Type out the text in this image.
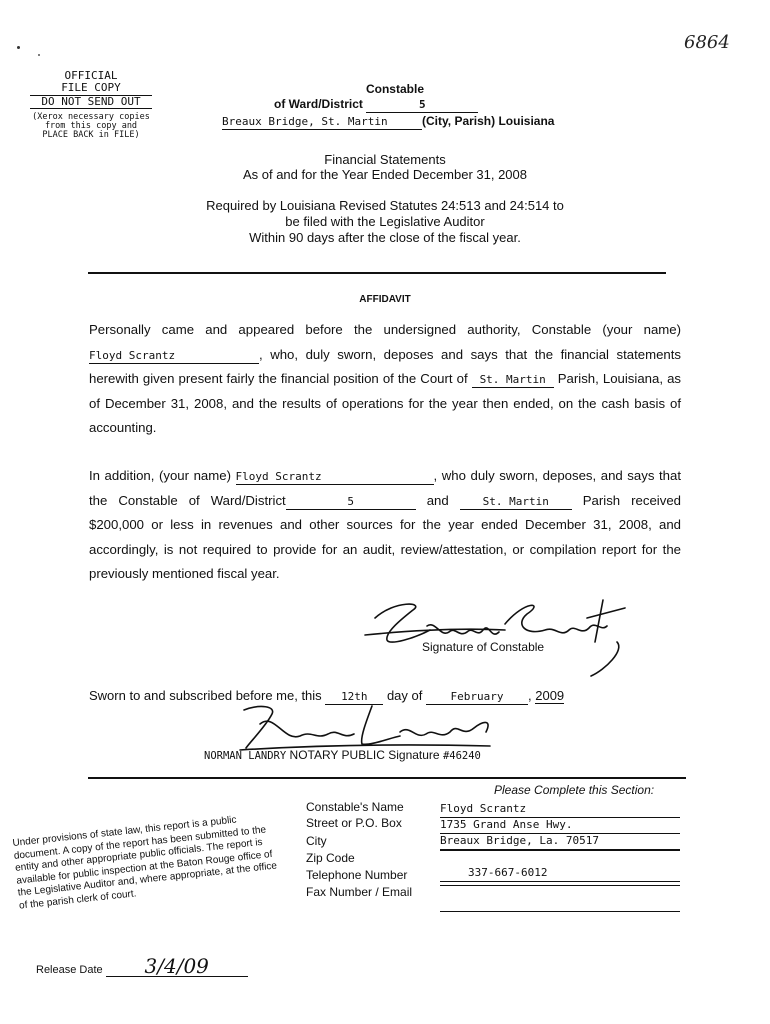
6864
OFFICIAL
FILE COPY
DO NOT SEND OUT
(Xerox necessary copies from this copy and PLACE BACK in FILE)
Constable
of Ward/District	5
Breaux Bridge, St. Martin	(City, Parish) Louisiana
Financial Statements
As of and for the Year Ended December 31, 2008
Required by Louisiana Revised Statutes 24:513 and 24:514 to
be filed with the Legislative Auditor
Within 90 days after the close of the fiscal year.
AFFIDAVIT
Personally came and appeared before the undersigned authority, Constable (your name) Floyd Scrantz	, who, duly sworn, deposes and says that the financial statements herewith given present fairly the financial position of the Court of St. Martin Parish, Louisiana, as of December 31, 2008, and the results of operations for the year then ended, on the cash basis of accounting.
In addition, (your name) Floyd Scrantz	, who duly sworn, deposes, and says that the Constable of Ward/District	5	and	St. Martin	Parish received $200,000 or less in revenues and other sources for the year ended December 31, 2008, and accordingly, is not required to provide for an audit, review/attestation, or compilation report for the previously mentioned fiscal year.
Signature of Constable
Sworn to and subscribed before me, this 12th day of	February , 2009
NORMAN LANDRY NOTARY PUBLIC Signature #46240
Please Complete this Section:
Constable's Name	Floyd Scrantz
Street or P.O. Box	1735 Grand Anse Hwy.
City	Breaux Bridge, La. 70517
Zip Code
Telephone Number	337-667-6012
Fax Number / Email
Under provisions of state law, this report is a public document. A copy of the report has been submitted to the entity and other appropriate public officials. The report is available for public inspection at the Baton Rouge office of the Legislative Auditor and, where appropriate, at the office of the parish clerk of court.
Release Date 3/4/09
